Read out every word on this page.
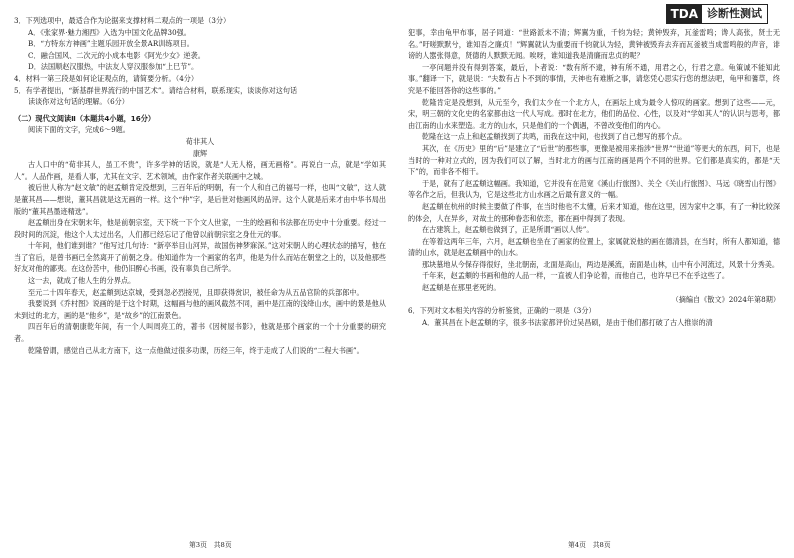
3．下列选项中，最适合作为论据来支撑材料二观点的一项是（3分）

A．《张家界·魅力湘西》入选为中国文化品牌30强。

B．“方特东方神画”主题乐园开放全景AR训练项目。

C．融合国风、二次元的小成本电影《阿光少女》逆袭。

D．法国顺赵汉服热，中法友人穿汉服参加“上巳节”。

4．材料一第三段是如何论证观点的，请简要分析。（4分）

5．有学者提出，“新基群世界流行的中国艺术”。请结合材料，联系现实，谈谈你对这句话

读谈你对这句话的理解。（6分）

（二）现代文阅读Ⅱ（本题共4小题，16分）

阅读下面的文字，完成6～9题。

荀非其人

康辉

古人口中的“荀非其人，虽工不贵”，许多学神的话说，就是“人无人格，画无画格”。再说白一点，就是“学如其人”。人品作画，是看人事，尤其在文字、艺术领域，由作家作者关联画中之城。

被后世人称为“赵文敏”的赵孟頫肯定没想到，三百年后的明朝，有一个人和自己的福号一样，也叫“文敏”，这人就是董其昌——想说，董其昌就是这无画的一样。这个“仲”字，是后世对他画风的品评。这个人就是后来才由中华书局出版的“董其昌墨迹精选”。

赵孟頫出身在宋朝末年，他是前朝宗室，天下统一下个文人世家，一生的绘画和书法都在历史中十分重要。经过一段时间的沉淀，他这个人太过出名，人们都已经忘记了他曾以前朝宗室之身仕元的事。

十年间，他们谁到谁？”他写过几句诗：“新亭举目山河异，故国伤神梦寐深。”这对宋朝人的心理状态的描写，他在当了官后，是曾书画已全然离开了前朝之身。他知道作为一个画家的名声，他是为什么而站在朝堂之上的，以及他那些好友对他的鄙夷。在这份苦中，他仍旧醉心书画，没有辜负自己所学。

这一去，就成了他人生的分界点。

至元二十四年春天，赵孟頫到达京城，受到忽必烈接见，且即获得赏识，被任命为从五品官阶的兵部郎中。

我要说到《乔村图》说画的是于这个时期，这幅画与他的画风截然不同，画中是江南的浅绛山水，画中的景是他从未到过的北方，画的是“他乡”，是“故乡”的江南景色。

四百年后的清朝康乾年间，有一个人叫周亮工的，著书《因树屋书影》，他就是那个画家的一个十分重要的研究者。

乾隆曾谓，感觉自己从北方南下，这一点他做过很多功课，历经三年，终于走成了人们说的“二程大书画”。

第3页　共8页
TDA 诊断性测试

犯事，幸由龟甲布事，居子同道：“世路派未不清；辉翼为重，千钧为轻；黄钟毁弃，瓦釜雷鸣；谗人高张，贤士无名。”吁嗟默默兮，谁知吾之廉贞！”辉翼就认为重要而千钧就认为轻，黄钟被毁弃去弃而瓦釜被当成雷鸣般的声音，诽谤的人嚣张得意，贤德的人默默无闻。唉呀，谁知道我是清廉而忠贞的呢？

一亭问题并没有得到答案，最后，卜者说：“数有所不逮，神有所不通，用君之心，行君之意。龟策诚不能知此事。”翻译一下，就是说：“夫数有占卜不到的事情，天神也有难断之事，请您凭心思实行您的想法吧，龟甲和蓍草，终究是不能回答你的这些事的。”

乾隆肯定是没想到，从元至今，我们太少在一个北方人，在画坛上成为最令人惊叹的画家。想到了这些——元，宋，明三朝的文化史的名家都由这一代人写成。那时在北方，他们的品位、心性，以及对“学如其人”的认识与思考，都由江南的山水来塑造。北方的山水，只是他们的一个偶遇，不曾改变他们的内心。

乾隆在这一点上和赵孟頫找到了共鸣，而我在这中间，也找到了自己想写的那个点。

其次，在《历史》里的“后”是建立了“后世”的那些事，更像是被用来指涉“世界”“世道”等更大的东西，问下，也是当时的一种对立式的，因为我们可以了解，当时北方的画与江南的画是两个不同的世界。它们都是真实的，都是“天下”的，而非各不相干。

于是，就有了赵孟頫这幅画。我知道，它并没有在范宽《溪山行旅图》、关仝《关山行旅图》、马远《晓雪山行图》等名作之后，但我认为，它是这些北方山水画之后最有意义的一幅。

赵孟頫在杭州的时候主要做了件事，在当时他也不太懂，后来才知道，他在这里，因为家中之事，有了一种比较深的体会，人在异乡，对故土的那种眷恋和依恋，都在画中得到了表现。

在古建筑上，赵孟頫也做到了，正是所谓“画以人传”。

在等着这两年三年，六月，赵孟頫也坐在了画家的位置上，家属就说他的画在德清县，在当时，所有人都知道，德清的山水，就是赵孟頫画中的山水。

那块墓地从今保存得很好，坐北朝南，北面是高山，两边是溪流，南面是山林，山中有小河流过，风景十分秀美。

千年来，赵孟頫的书画和他的人品一样，一直被人们争论着，而他自己，也许早已不在乎这些了。

赵孟頫是在那里老死的。

（摘编自《散文》2024年第8期）

6．下列对文本相关内容的分析鉴赏，正确的一项是（3分）

A．董其昌在卜赵孟頫的字，很多书法家都评价过吴昌硕，是由于他们都打破了古人推崇的清

第4页　共8页
